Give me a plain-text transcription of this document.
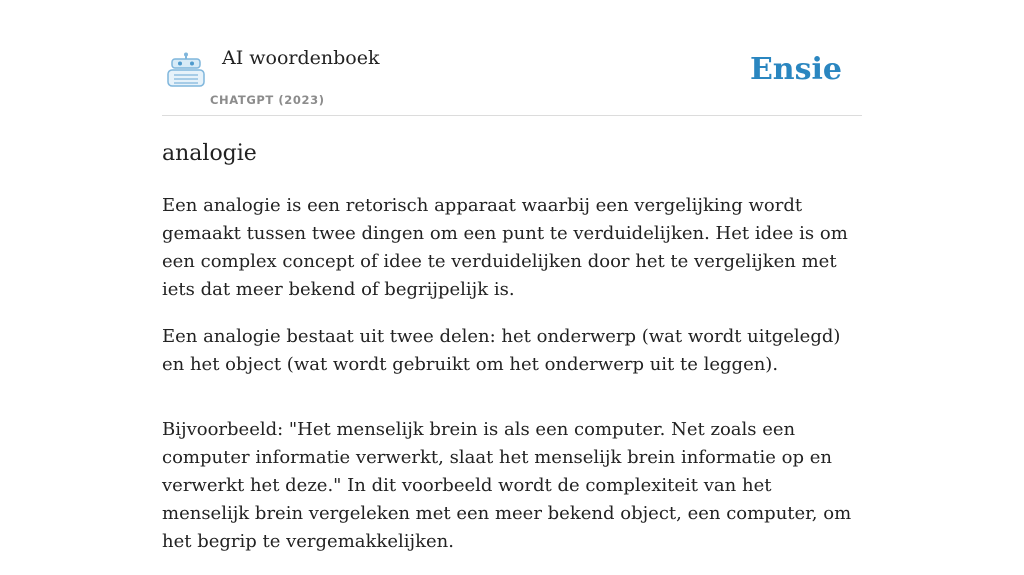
AI woordenboek
CHATGPT (2023)
Ensie
analogie

Een analogie is een retorisch apparaat waarbij een vergelijking wordt gemaakt tussen twee dingen om een punt te verduidelijken. Het idee is om een complex concept of idee te verduidelijken door het te vergelijken met iets dat meer bekend of begrijpelijk is.

Een analogie bestaat uit twee delen: het onderwerp (wat wordt uitgelegd) en het object (wat wordt gebruikt om het onderwerp uit te leggen).

Bijvoorbeeld: "Het menselijk brein is als een computer. Net zoals een computer informatie verwerkt, slaat het menselijk brein informatie op en verwerkt het deze." In dit voorbeeld wordt de complexiteit van het menselijk brein vergeleken met een meer bekend object, een computer, om het begrip te vergemakkelijken.
